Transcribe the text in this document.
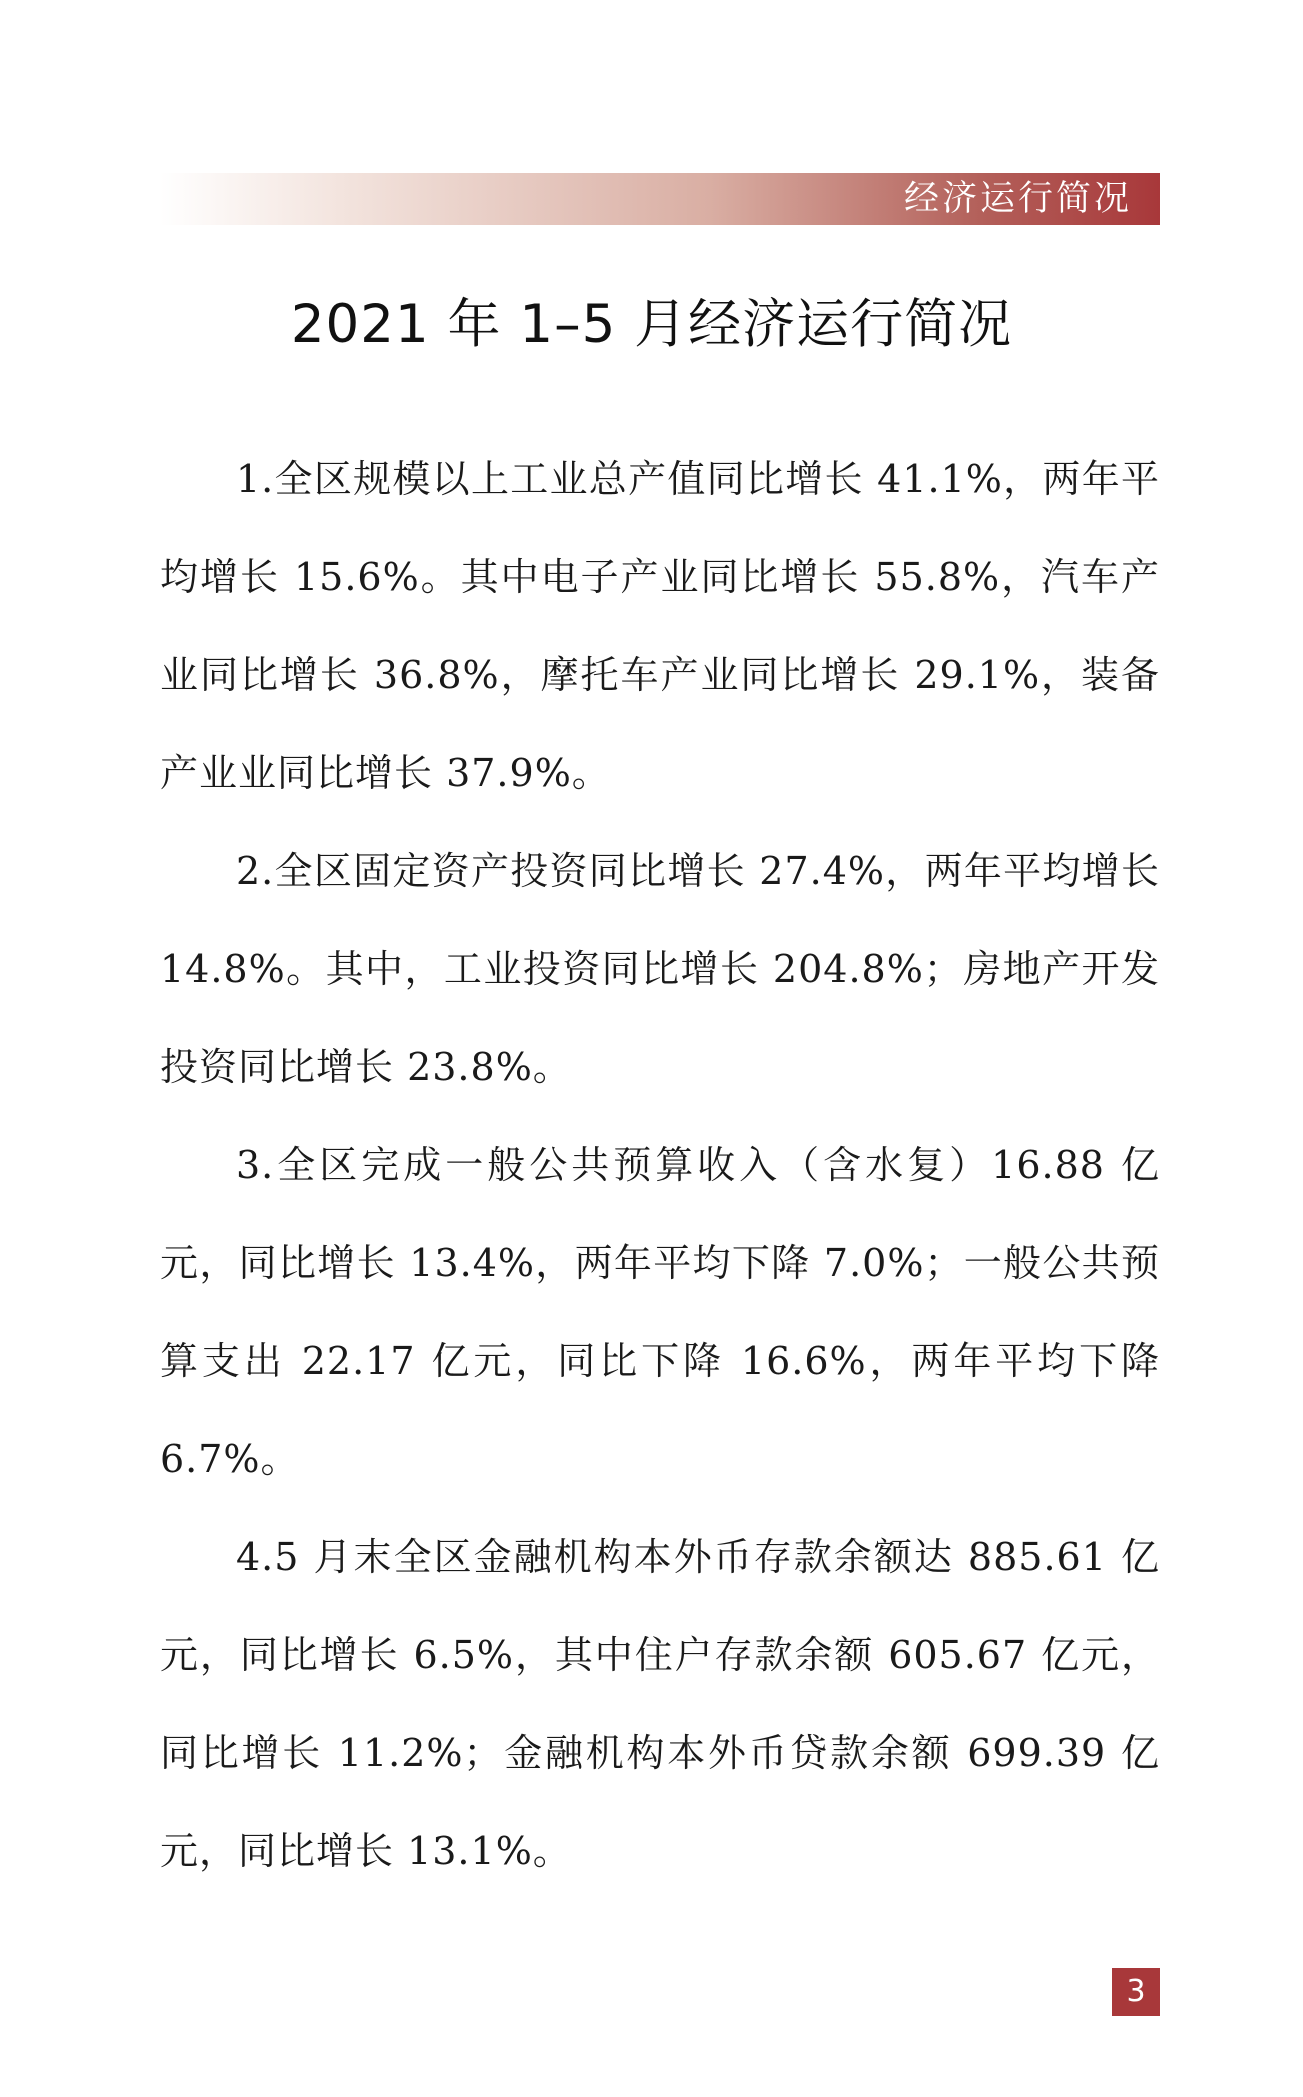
经济运行简况
2021 年 1–5 月经济运行简况

1.全区规模以上工业总产值同比增长 41.1%，两年平均增长 15.6%。其中电子产业同比增长 55.8%，汽车产业同比增长 36.8%，摩托车产业同比增长 29.1%，装备产业业同比增长 37.9%。

2.全区固定资产投资同比增长 27.4%，两年平均增长 14.8%。其中，工业投资同比增长 204.8%；房地产开发投资同比增长 23.8%。

3.全区完成一般公共预算收入（含水复）16.88 亿元，同比增长 13.4%，两年平均下降 7.0%；一般公共预算支出 22.17 亿元，同比下降 16.6%，两年平均下降 6.7%。

4.5 月末全区金融机构本外币存款余额达 885.61 亿元，同比增长 6.5%，其中住户存款余额 605.67 亿元，同比增长 11.2%；金融机构本外币贷款余额 699.39 亿元，同比增长 13.1%。

3
